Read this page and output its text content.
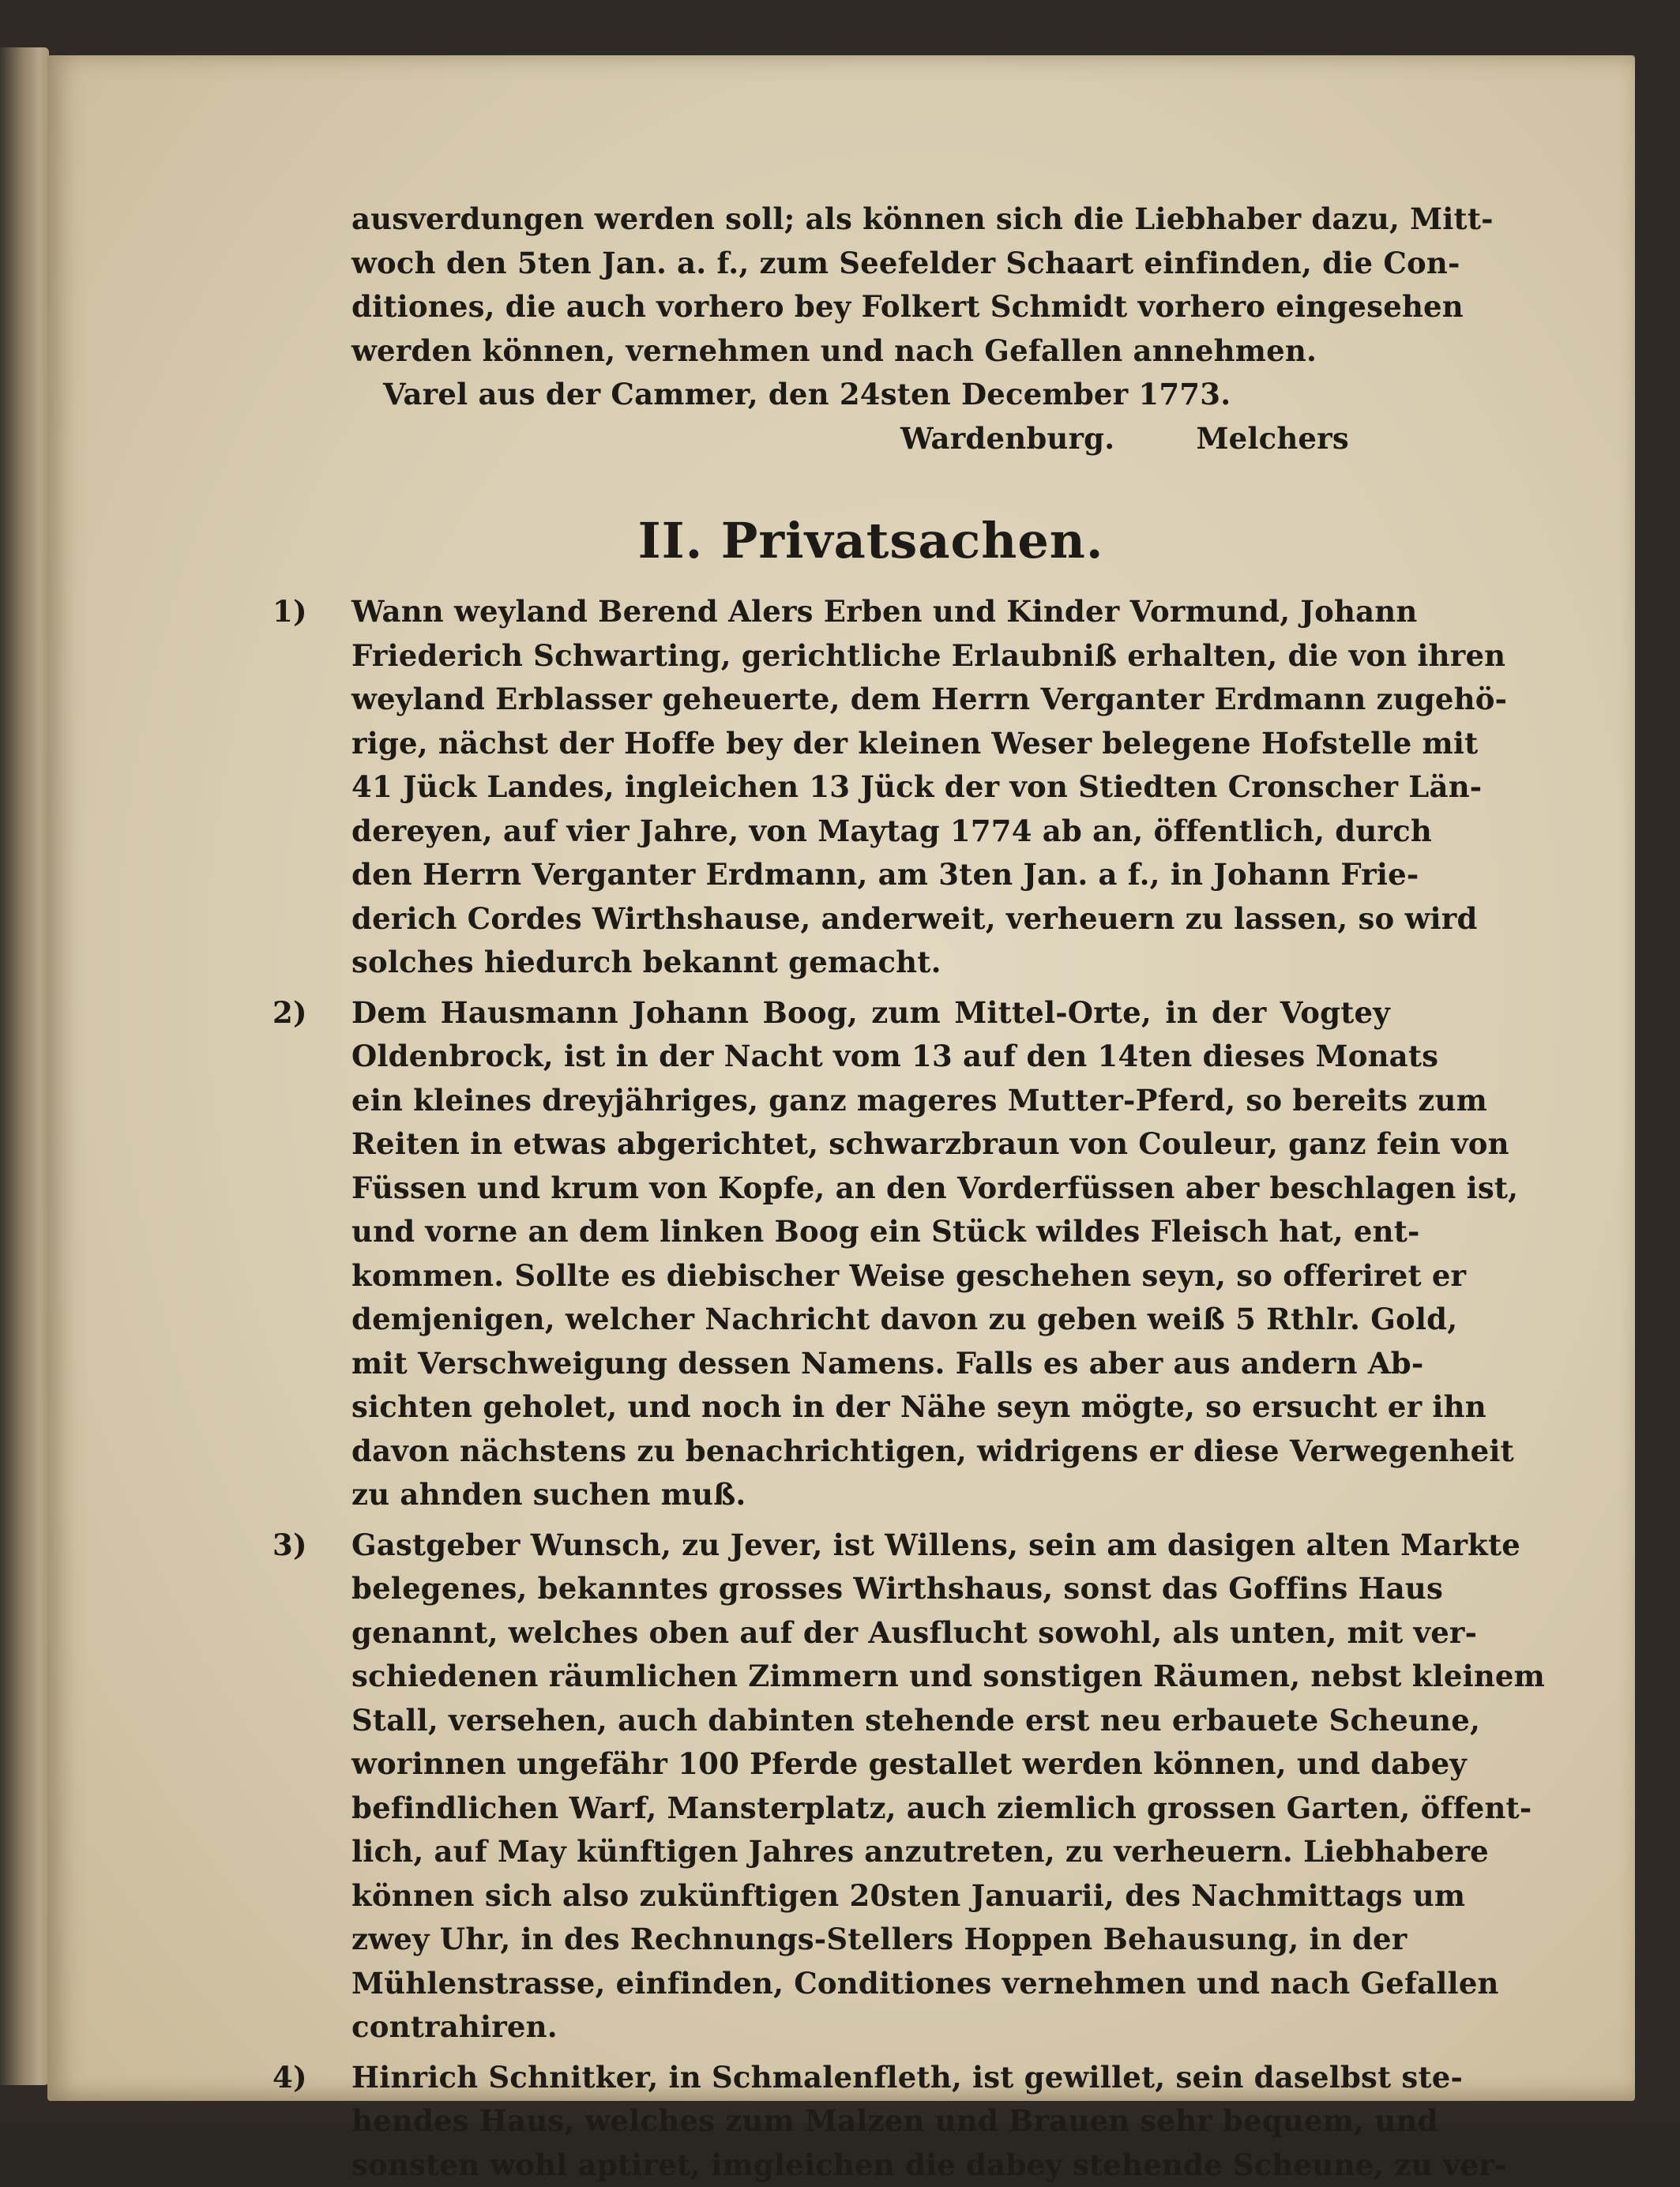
ausverdungen werden soll; als können sich die Liebhaber dazu, Mitt-
woch den 5ten Jan. a. f., zum Seefelder Schaart einfinden, die Con-
ditiones, die auch vorhero bey Folkert Schmidt vorhero eingesehen
werden können, vernehmen und nach Gefallen annehmen.
Varel aus der Cammer, den 24sten December 1773.
Wardenburg.	Melchers
II. Privatsachen.
1) Wann weyland Berend Alers Erben und Kinder Vormund, Johann
Friederich Schwarting, gerichtliche Erlaubniß erhalten, die von ihren
weyland Erblasser geheuerte, dem Herrn Verganter Erdmann zugehö-
rige, nächst der Hoffe bey der kleinen Weser belegene Hofstelle mit
41 Jück Landes, ingleichen 13 Jück der von Stiedten Cronscher Län-
dereyen, auf vier Jahre, von Maytag 1774 ab an, öffentlich, durch
den Herrn Verganter Erdmann, am 3ten Jan. a f., in Johann Frie-
derich Cordes Wirthshause, anderweit, verheuern zu lassen, so wird
solches hiedurch bekannt gemacht.
2) Dem Hausmann Johann Boog, zum Mittel-Orte, in der Vogtey
Oldenbrock, ist in der Nacht vom 13 auf den 14ten dieses Monats
ein kleines dreyjähriges, ganz mageres Mutter-Pferd, so bereits zum
Reiten in etwas abgerichtet, schwarzbraun von Couleur, ganz fein von
Füssen und krum von Kopfe, an den Vorderfüssen aber beschlagen ist,
und vorne an dem linken Boog ein Stück wildes Fleisch hat, ent-
kommen. Sollte es diebischer Weise geschehen seyn, so offeriret er
demjenigen, welcher Nachricht davon zu geben weiß 5 Rthlr. Gold,
mit Verschweigung dessen Namens. Falls es aber aus andern Ab-
sichten geholet, und noch in der Nähe seyn mögte, so ersucht er ihn
davon nächstens zu benachrichtigen, widrigens er diese Verwegenheit
zu ahnden suchen muß.
3) Gastgeber Wunsch, zu Jever, ist Willens, sein am dasigen alten Markte
belegenes, bekanntes grosses Wirthshaus, sonst das Goffins Haus
genannt, welches oben auf der Ausflucht sowohl, als unten, mit ver-
schiedenen räumlichen Zimmern und sonstigen Räumen, nebst kleinem
Stall, versehen, auch dabinten stehende erst neu erbauete Scheune,
worinnen ungefähr 100 Pferde gestallet werden können, und dabey
befindlichen Warf, Mansterplatz, auch ziemlich grossen Garten, öffent-
lich, auf May künftigen Jahres anzutreten, zu verheuern. Liebhabere
können sich also zukünftigen 20sten Januarii, des Nachmittags um
zwey Uhr, in des Rechnungs-Stellers Hoppen Behausung, in der
Mühlenstrasse, einfinden, Conditiones vernehmen und nach Gefallen
contrahiren.
4) Hinrich Schnitker, in Schmalenfleth, ist gewillet, sein daselbst ste-
hendes Haus, welches zum Malzen und Brauen sehr bequem, und
sonsten wohl aptiret, imgleichen die dabey stehende Scheune, zu ver-
